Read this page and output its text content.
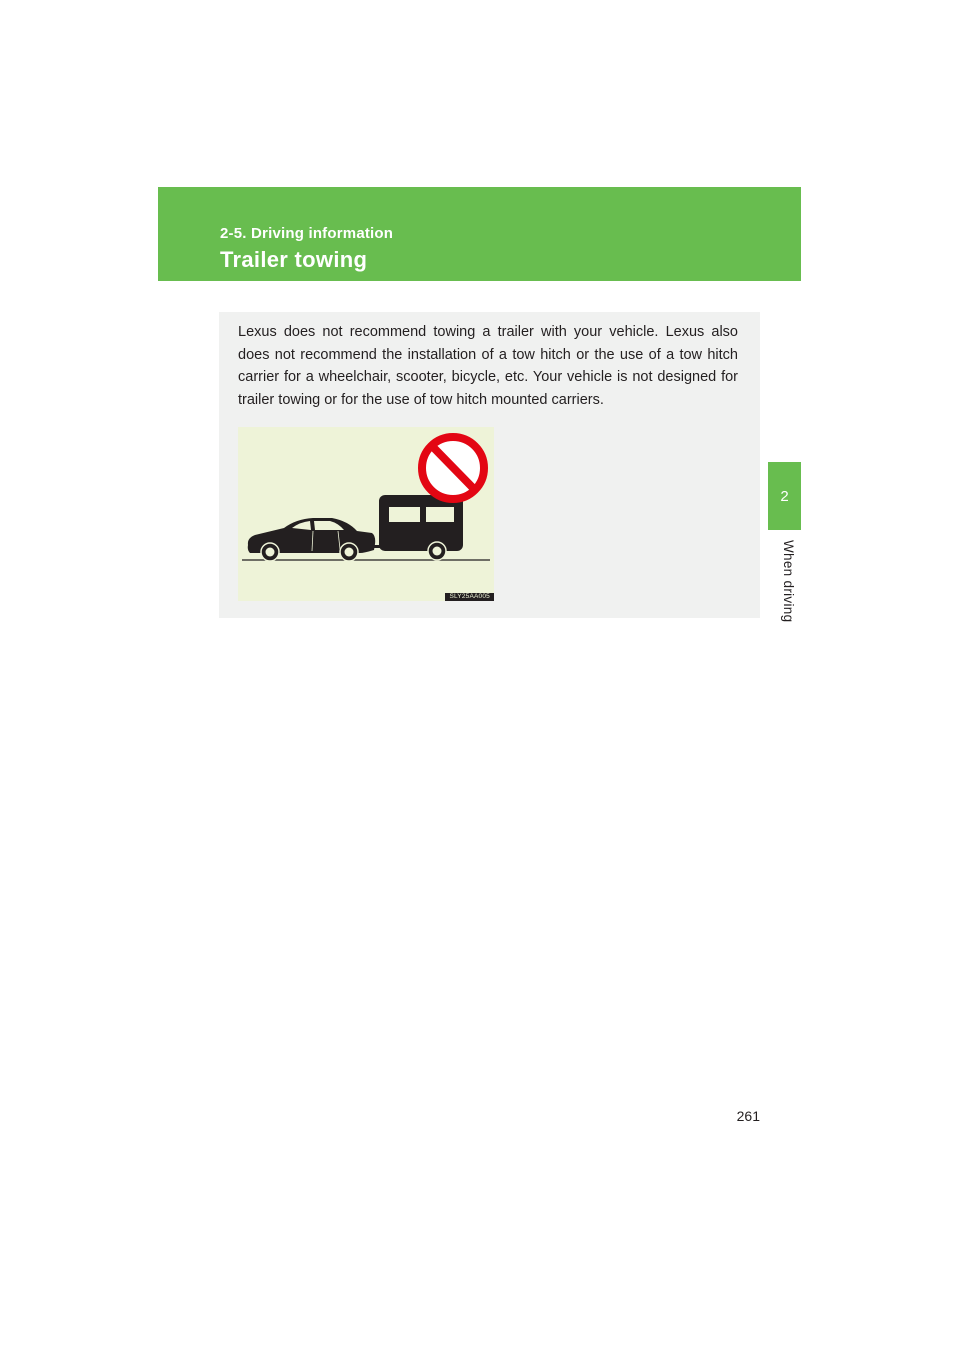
2-5. Driving information
Trailer towing
2
When driving

Lexus does not recommend towing a trailer with your vehicle. Lexus also does not recommend the installation of a tow hitch or the use of a tow hitch carrier for a wheelchair, scooter, bicycle, etc. Your vehicle is not designed for trailer towing or for the use of tow hitch mounted carriers.

SLY25AA005
261
